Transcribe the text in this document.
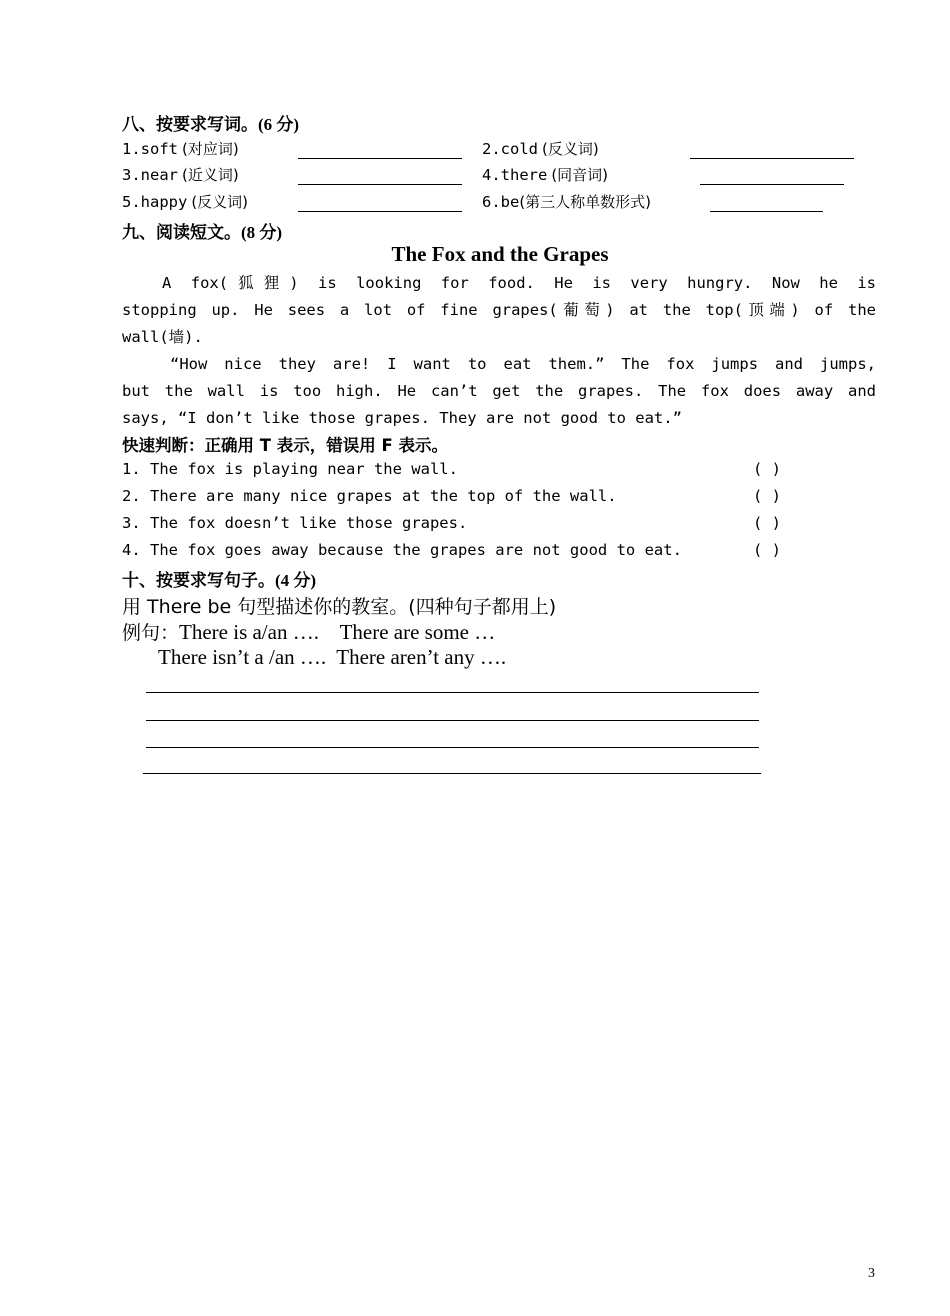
八、按要求写词。(6 分)
1.soft (对应词)	2.cold (反义词)
3.near (近义词)	4.there (同音词)
5.happy (反义词)	6.be(第三人称单数形式)
九、阅读短文。(8 分)
The Fox and the Grapes
A fox(狐狸) is looking for food. He is very hungry. Now he is
stopping up. He sees a lot of fine grapes(葡萄) at the top(顶端) of the
wall(墙).
“How nice they are! I want to eat them.” The fox jumps and jumps,
but the wall is too high. He can’t get the grapes. The fox does away and
says, “I don’t like those grapes. They are not good to eat.”
快速判断：正确用 T 表示，错误用 F 表示。
1. The fox is playing near the wall.	( )
2. There are many nice grapes at the top of the wall.	( )
3. The fox doesn’t like those grapes.	( )
4. The fox goes away because the grapes are not good to eat.	( )
十、按要求写句子。(4 分)
用 There be 句型描述你的教室。(四种句子都用上)
例句：There is a/an ….    There are some …
There isn’t a /an ….  There aren’t any ….
3
